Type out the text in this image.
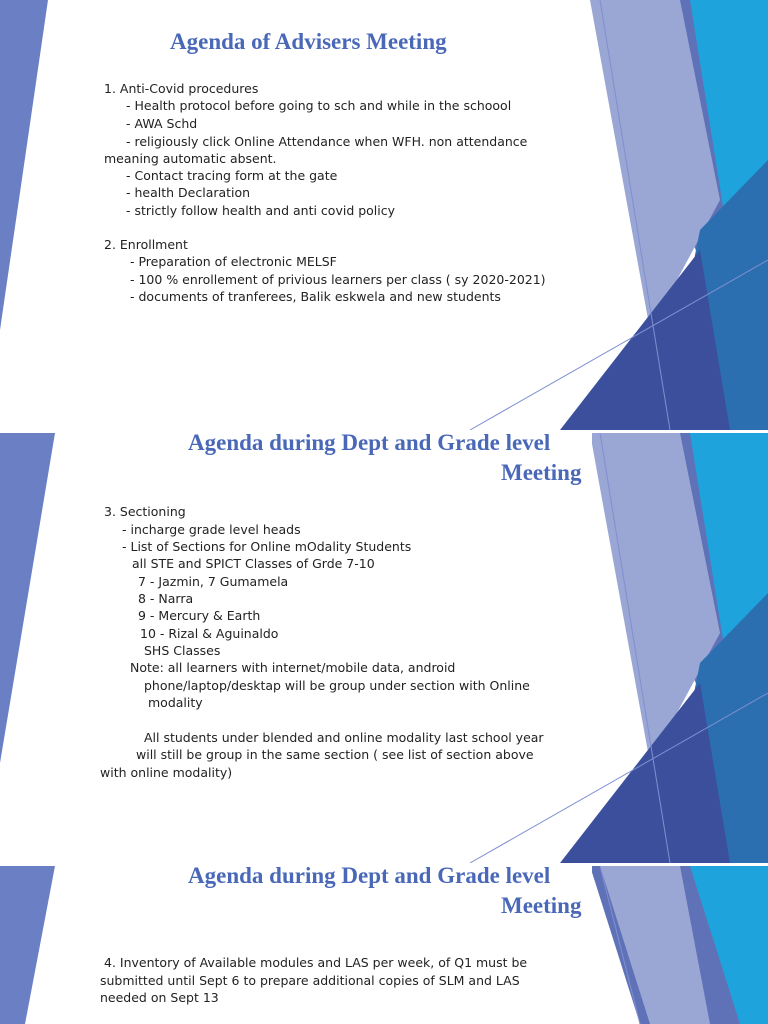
Agenda of Advisers Meeting

1. Anti-Covid procedures

- Health protocol before going to sch and while in the schoool

- AWA Schd

- religiously click Online Attendance when WFH. non attendance

meaning automatic absent.

- Contact tracing form at the gate

- health Declaration

- strictly follow health and anti covid policy

2. Enrollment

- Preparation of electronic MELSF

- 100 % enrollement of privious learners per class ( sy 2020-2021)

- documents of tranferees, Balik eskwela and new students

Agenda during Dept and Grade level
Meeting

3. Sectioning

- incharge grade level heads

- List of Sections for Online mOdality Students

all STE and SPICT Classes of Grde 7-10

7 - Jazmin, 7 Gumamela

8 - Narra

9 - Mercury & Earth

10 - Rizal & Aguinaldo

SHS Classes

Note: all learners with internet/mobile data, android

phone/laptop/desktap will be group under section with Online

modality

All students under blended and online modality last school year

will still be group in the same section ( see list of section above

with online modality)

Agenda during Dept and Grade level
Meeting

4. Inventory of Available modules and LAS per week, of Q1 must be

submitted until Sept 6 to prepare additional copies of SLM and LAS

needed on Sept 13
